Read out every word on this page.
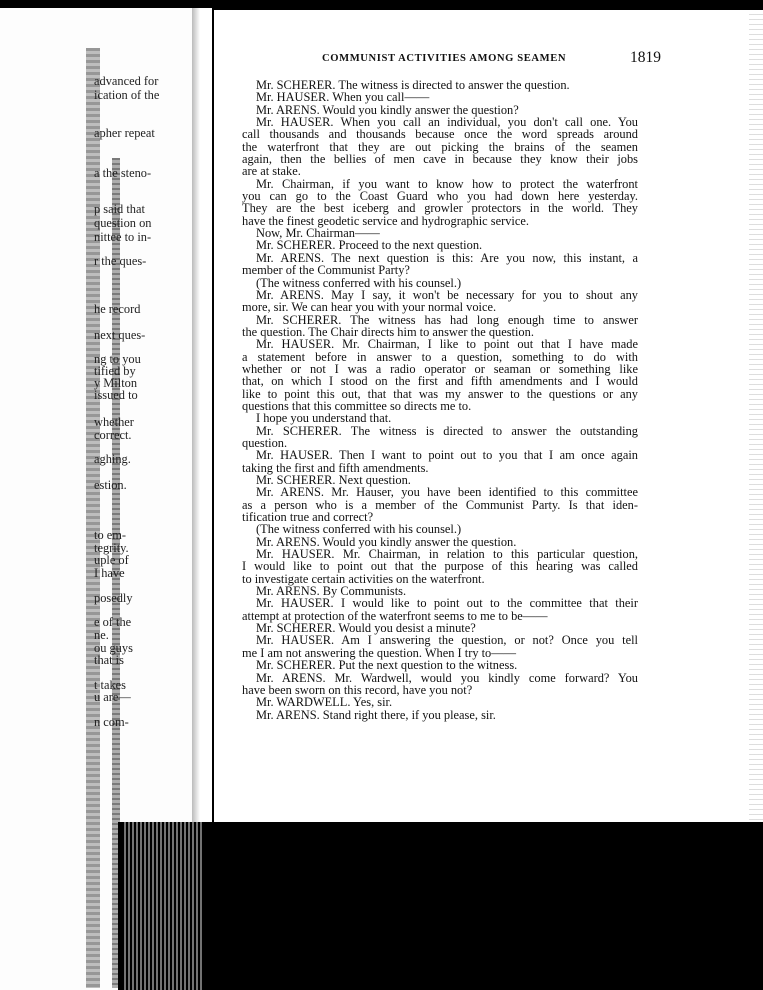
advanced for
ication of the
apher repeat
a the steno-
p said that
question on
nittee to in-
r the ques-
he record
next ques-
ng to you
tified by
y Milton
issued to
whether
correct.
aghing.
estion.
to em-
tegrity.
uple of
I have
posedly
e of the
ne.
ou guys
that is
t takes
u are—
n com-
COMMUNIST ACTIVITIES AMONG SEAMEN	1819
Mr. SCHERER. The witness is directed to answer the question.
Mr. HAUSER. When you call——
Mr. ARENS. Would you kindly answer the question?
Mr. HAUSER. When you call an individual, you don't call one. You
call thousands and thousands because once the word spreads around
the waterfront that they are out picking the brains of the seamen
again, then the bellies of men cave in because they know their jobs
are at stake.
Mr. Chairman, if you want to know how to protect the waterfront
you can go to the Coast Guard who you had down here yesterday.
They are the best iceberg and growler protectors in the world. They
have the finest geodetic service and hydrographic service.
Now, Mr. Chairman——
Mr. SCHERER. Proceed to the next question.
Mr. ARENS. The next question is this: Are you now, this instant, a
member of the Communist Party?
(The witness conferred with his counsel.)
Mr. ARENS. May I say, it won't be necessary for you to shout any
more, sir. We can hear you with your normal voice.
Mr. SCHERER. The witness has had long enough time to answer
the question. The Chair directs him to answer the question.
Mr. HAUSER. Mr. Chairman, I like to point out that I have made
a statement before in answer to a question, something to do with
whether or not I was a radio operator or seaman or something like
that, on which I stood on the first and fifth amendments and I would
like to point this out, that that was my answer to the questions or any
questions that this committee so directs me to.
I hope you understand that.
Mr. SCHERER. The witness is directed to answer the outstanding
question.
Mr. HAUSER. Then I want to point out to you that I am once again
taking the first and fifth amendments.
Mr. SCHERER. Next question.
Mr. ARENS. Mr. Hauser, you have been identified to this committee
as a person who is a member of the Communist Party. Is that iden-
tification true and correct?
(The witness conferred with his counsel.)
Mr. ARENS. Would you kindly answer the question.
Mr. HAUSER. Mr. Chairman, in relation to this particular question,
I would like to point out that the purpose of this hearing was called
to investigate certain activities on the waterfront.
Mr. ARENS. By Communists.
Mr. HAUSER. I would like to point out to the committee that their
attempt at protection of the waterfront seems to me to be——
Mr. SCHERER. Would you desist a minute?
Mr. HAUSER. Am I answering the question, or not? Once you tell
me I am not answering the question. When I try to——
Mr. SCHERER. Put the next question to the witness.
Mr. ARENS. Mr. Wardwell, would you kindly come forward? You
have been sworn on this record, have you not?
Mr. WARDWELL. Yes, sir.
Mr. ARENS. Stand right there, if you please, sir.
